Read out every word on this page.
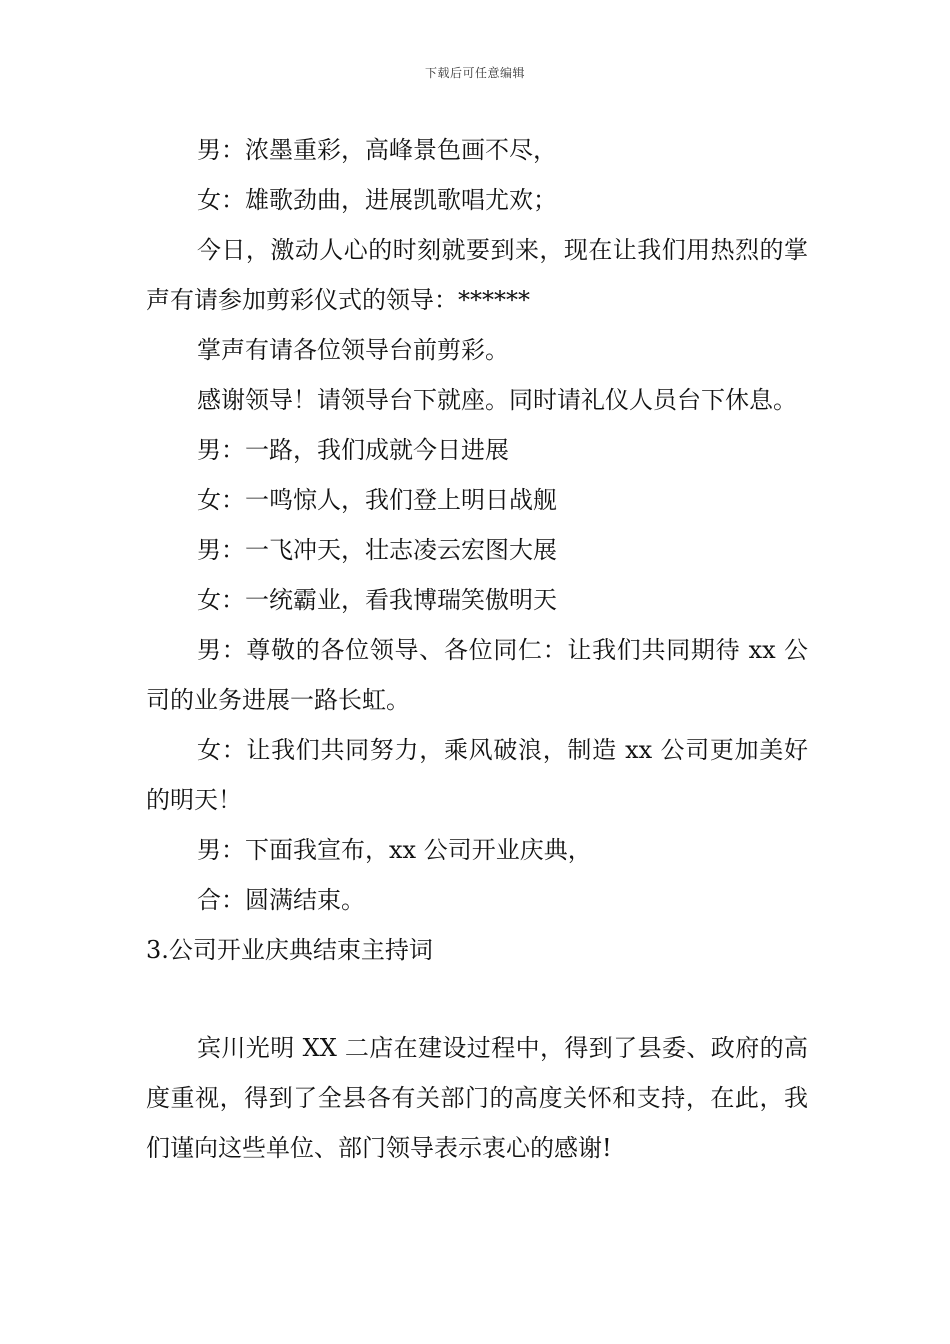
下载后可任意编辑

男：浓墨重彩，高峰景色画不尽，

女：雄歌劲曲，进展凯歌唱尤欢；

今日，激动人心的时刻就要到来，现在让我们用热烈的掌声有请参加剪彩仪式的领导：******

掌声有请各位领导台前剪彩。

感谢领导！请领导台下就座。同时请礼仪人员台下休息。

男：一路，我们成就今日进展

女：一鸣惊人，我们登上明日战舰

男：一飞冲天，壮志凌云宏图大展

女：一统霸业，看我博瑞笑傲明天

男：尊敬的各位领导、各位同仁：让我们共同期待 xx 公司的业务进展一路长虹。

女：让我们共同努力，乘风破浪，制造 xx 公司更加美好的明天！

男：下面我宣布，xx 公司开业庆典，

合：圆满结束。

3.公司开业庆典结束主持词

宾川光明 XX 二店在建设过程中，得到了县委、政府的高度重视，得到了全县各有关部门的高度关怀和支持，在此，我们谨向这些单位、部门领导表示衷心的感谢!
